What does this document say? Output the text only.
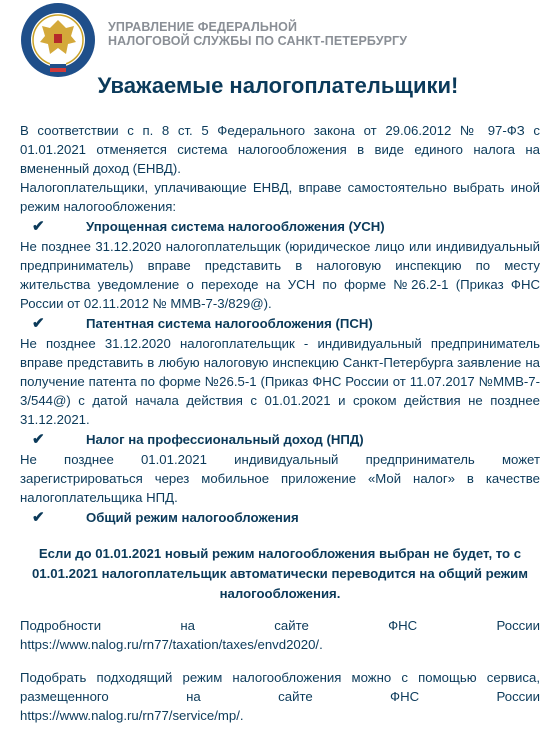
УПРАВЛЕНИЕ ФЕДЕРАЛЬНОЙ
НАЛОГОВОЙ СЛУЖБЫ ПО САНКТ-ПЕТЕРБУРГУ
Уважаемые налогоплательщики!
В соответствии с п. 8 ст. 5 Федерального закона от 29.06.2012 № 97-ФЗ с 01.01.2021 отменяется система налогообложения в виде единого налога на вмененный доход (ЕНВД).
Налогоплательщики, уплачивающие ЕНВД, вправе самостоятельно выбрать иной режим налогообложения:
✔	Упрощенная система налогообложения (УСН)
Не позднее 31.12.2020 налогоплательщик (юридическое лицо или индивидуальный предприниматель) вправе представить в налоговую инспекцию по месту жительства уведомление о переходе на УСН по форме №26.2-1 (Приказ ФНС России от 02.11.2012 № ММВ-7-3/829@).
✔	Патентная система налогообложения (ПСН)
Не позднее 31.12.2020 налогоплательщик - индивидуальный предприниматель вправе представить в любую налоговую инспекцию Санкт-Петербурга заявление на получение патента по форме №26.5-1 (Приказ ФНС России от 11.07.2017 №ММВ-7-3/544@) с датой начала действия с 01.01.2021 и сроком действия не позднее 31.12.2021.
✔	Налог на профессиональный доход (НПД)
Не позднее 01.01.2021 индивидуальный предприниматель может зарегистрироваться через мобильное приложение «Мой налог» в качестве налогоплательщика НПД.
✔	Общий режим налогообложения
Если до 01.01.2021 новый режим налогообложения выбран не будет, то с 01.01.2021 налогоплательщик автоматически переводится на общий режим налогообложения.
Подробности на сайте ФНС России
https://www.nalog.ru/rn77/taxation/taxes/envd2020/.
Подобрать подходящий режим налогообложения можно с помощью сервиса, размещенного на сайте ФНС России
https://www.nalog.ru/rn77/service/mp/.
